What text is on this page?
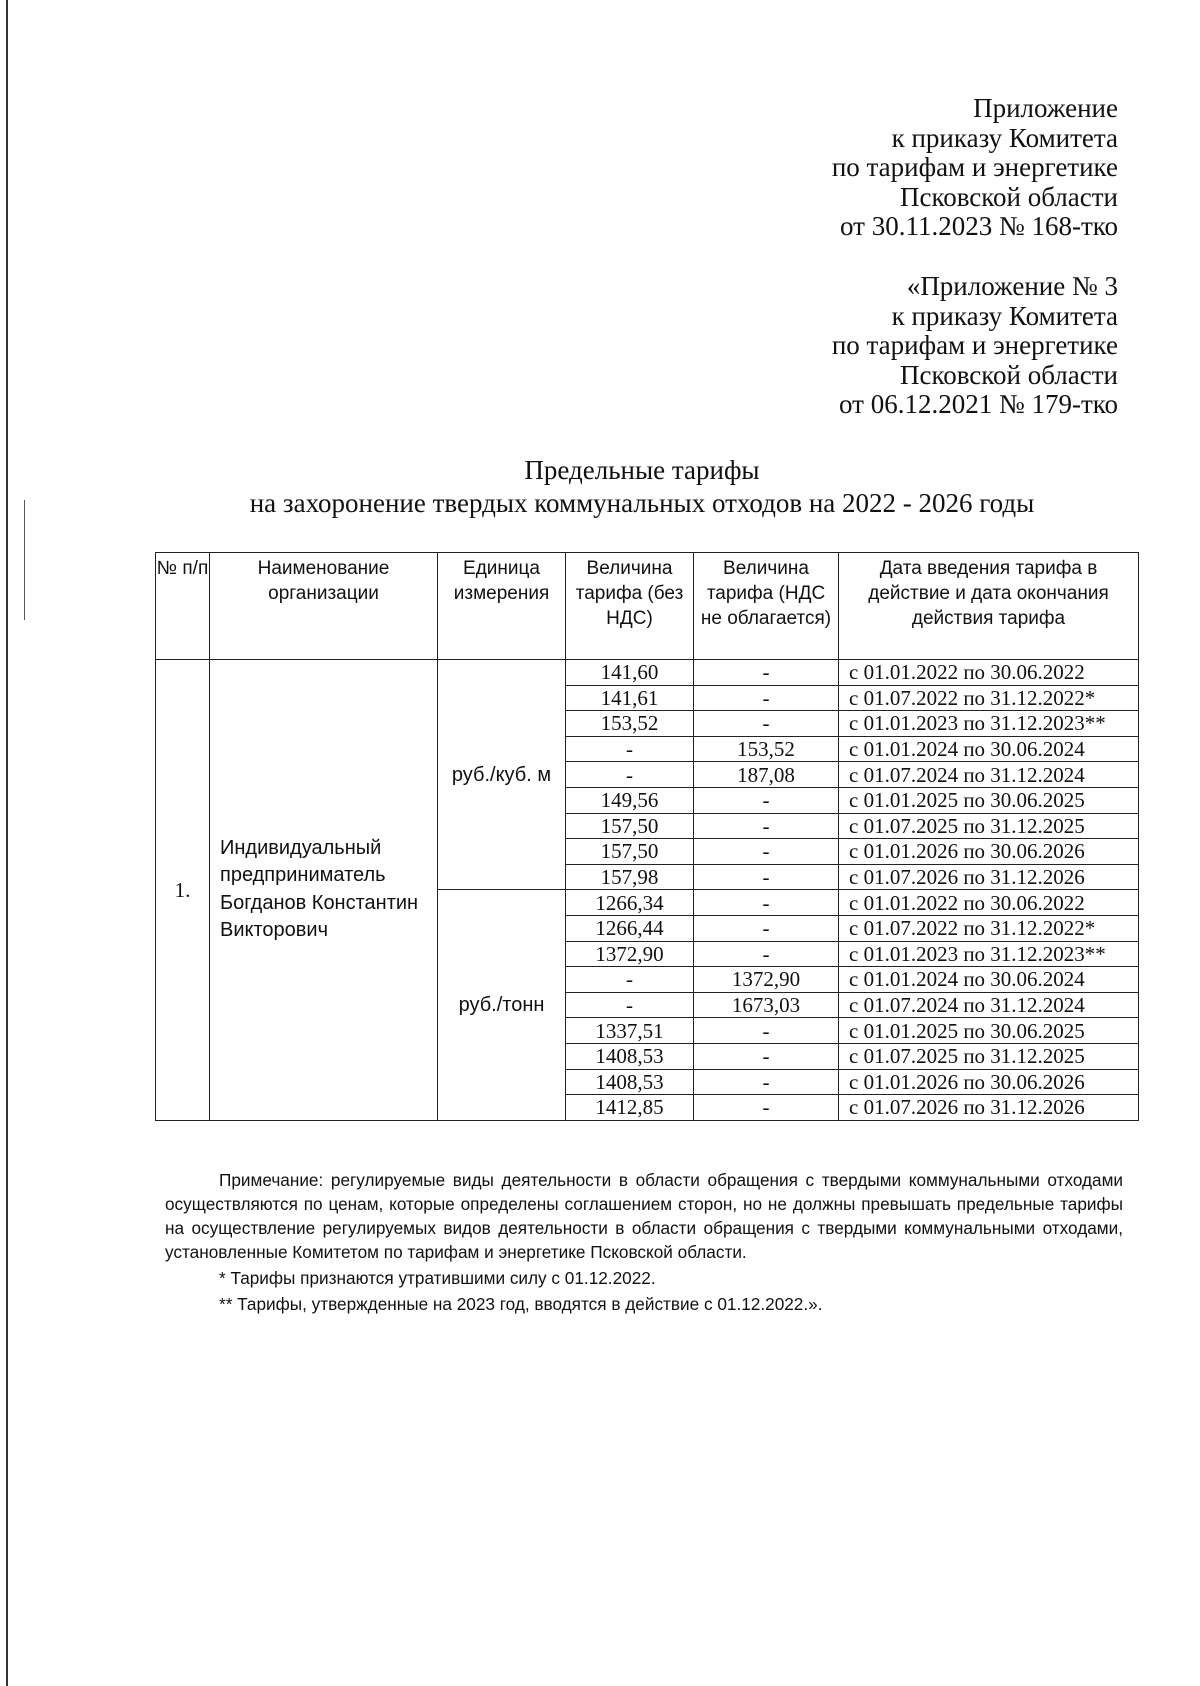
Приложение
к приказу Комитета
по тарифам и энергетике
Псковской области
от 30.11.2023 № 168-тко
«Приложение № 3
к приказу Комитета
по тарифам и энергетике
Псковской области
от 06.12.2021 № 179-тко
Предельные тарифы
на захоронение твердых коммунальных отходов на 2022 - 2026 годы
№ п/п	Наименование организации	Единица измерения	Величина тарифа (без НДС)	Величина тарифа (НДС не облагается)	Дата введения тарифа в действие и дата окончания действия тарифа
1.	Индивидуальный предприниматель Богданов Константин Викторович	руб./куб. м	141,60	-	с 01.01.2022 по 30.06.2022
			141,61	-	с 01.07.2022 по 31.12.2022*
			153,52	-	с 01.01.2023 по 31.12.2023**
			-	153,52	с 01.01.2024 по 30.06.2024
			-	187,08	с 01.07.2024 по 31.12.2024
			149,56	-	с 01.01.2025 по 30.06.2025
			157,50	-	с 01.07.2025 по 31.12.2025
			157,50	-	с 01.01.2026 по 30.06.2026
			157,98	-	с 01.07.2026 по 31.12.2026
		руб./тонн	1266,34	-	с 01.01.2022 по 30.06.2022
			1266,44	-	с 01.07.2022 по 31.12.2022*
			1372,90	-	с 01.01.2023 по 31.12.2023**
			-	1372,90	с 01.01.2024 по 30.06.2024
			-	1673,03	с 01.07.2024 по 31.12.2024
			1337,51	-	с 01.01.2025 по 30.06.2025
			1408,53	-	с 01.07.2025 по 31.12.2025
			1408,53	-	с 01.01.2026 по 30.06.2026
			1412,85	-	с 01.07.2026 по 31.12.2026

Примечание: регулируемые виды деятельности в области обращения с твердыми коммунальными отходами осуществляются по ценам, которые определены соглашением сторон, но не должны превышать предельные тарифы на осуществление регулируемых видов деятельности в области обращения с твердыми коммунальными отходами, установленные Комитетом по тарифам и энергетике Псковской области.

* Тарифы признаются утратившими силу с 01.12.2022.
** Тарифы, утвержденные на 2023 год, вводятся в действие с 01.12.2022.».
